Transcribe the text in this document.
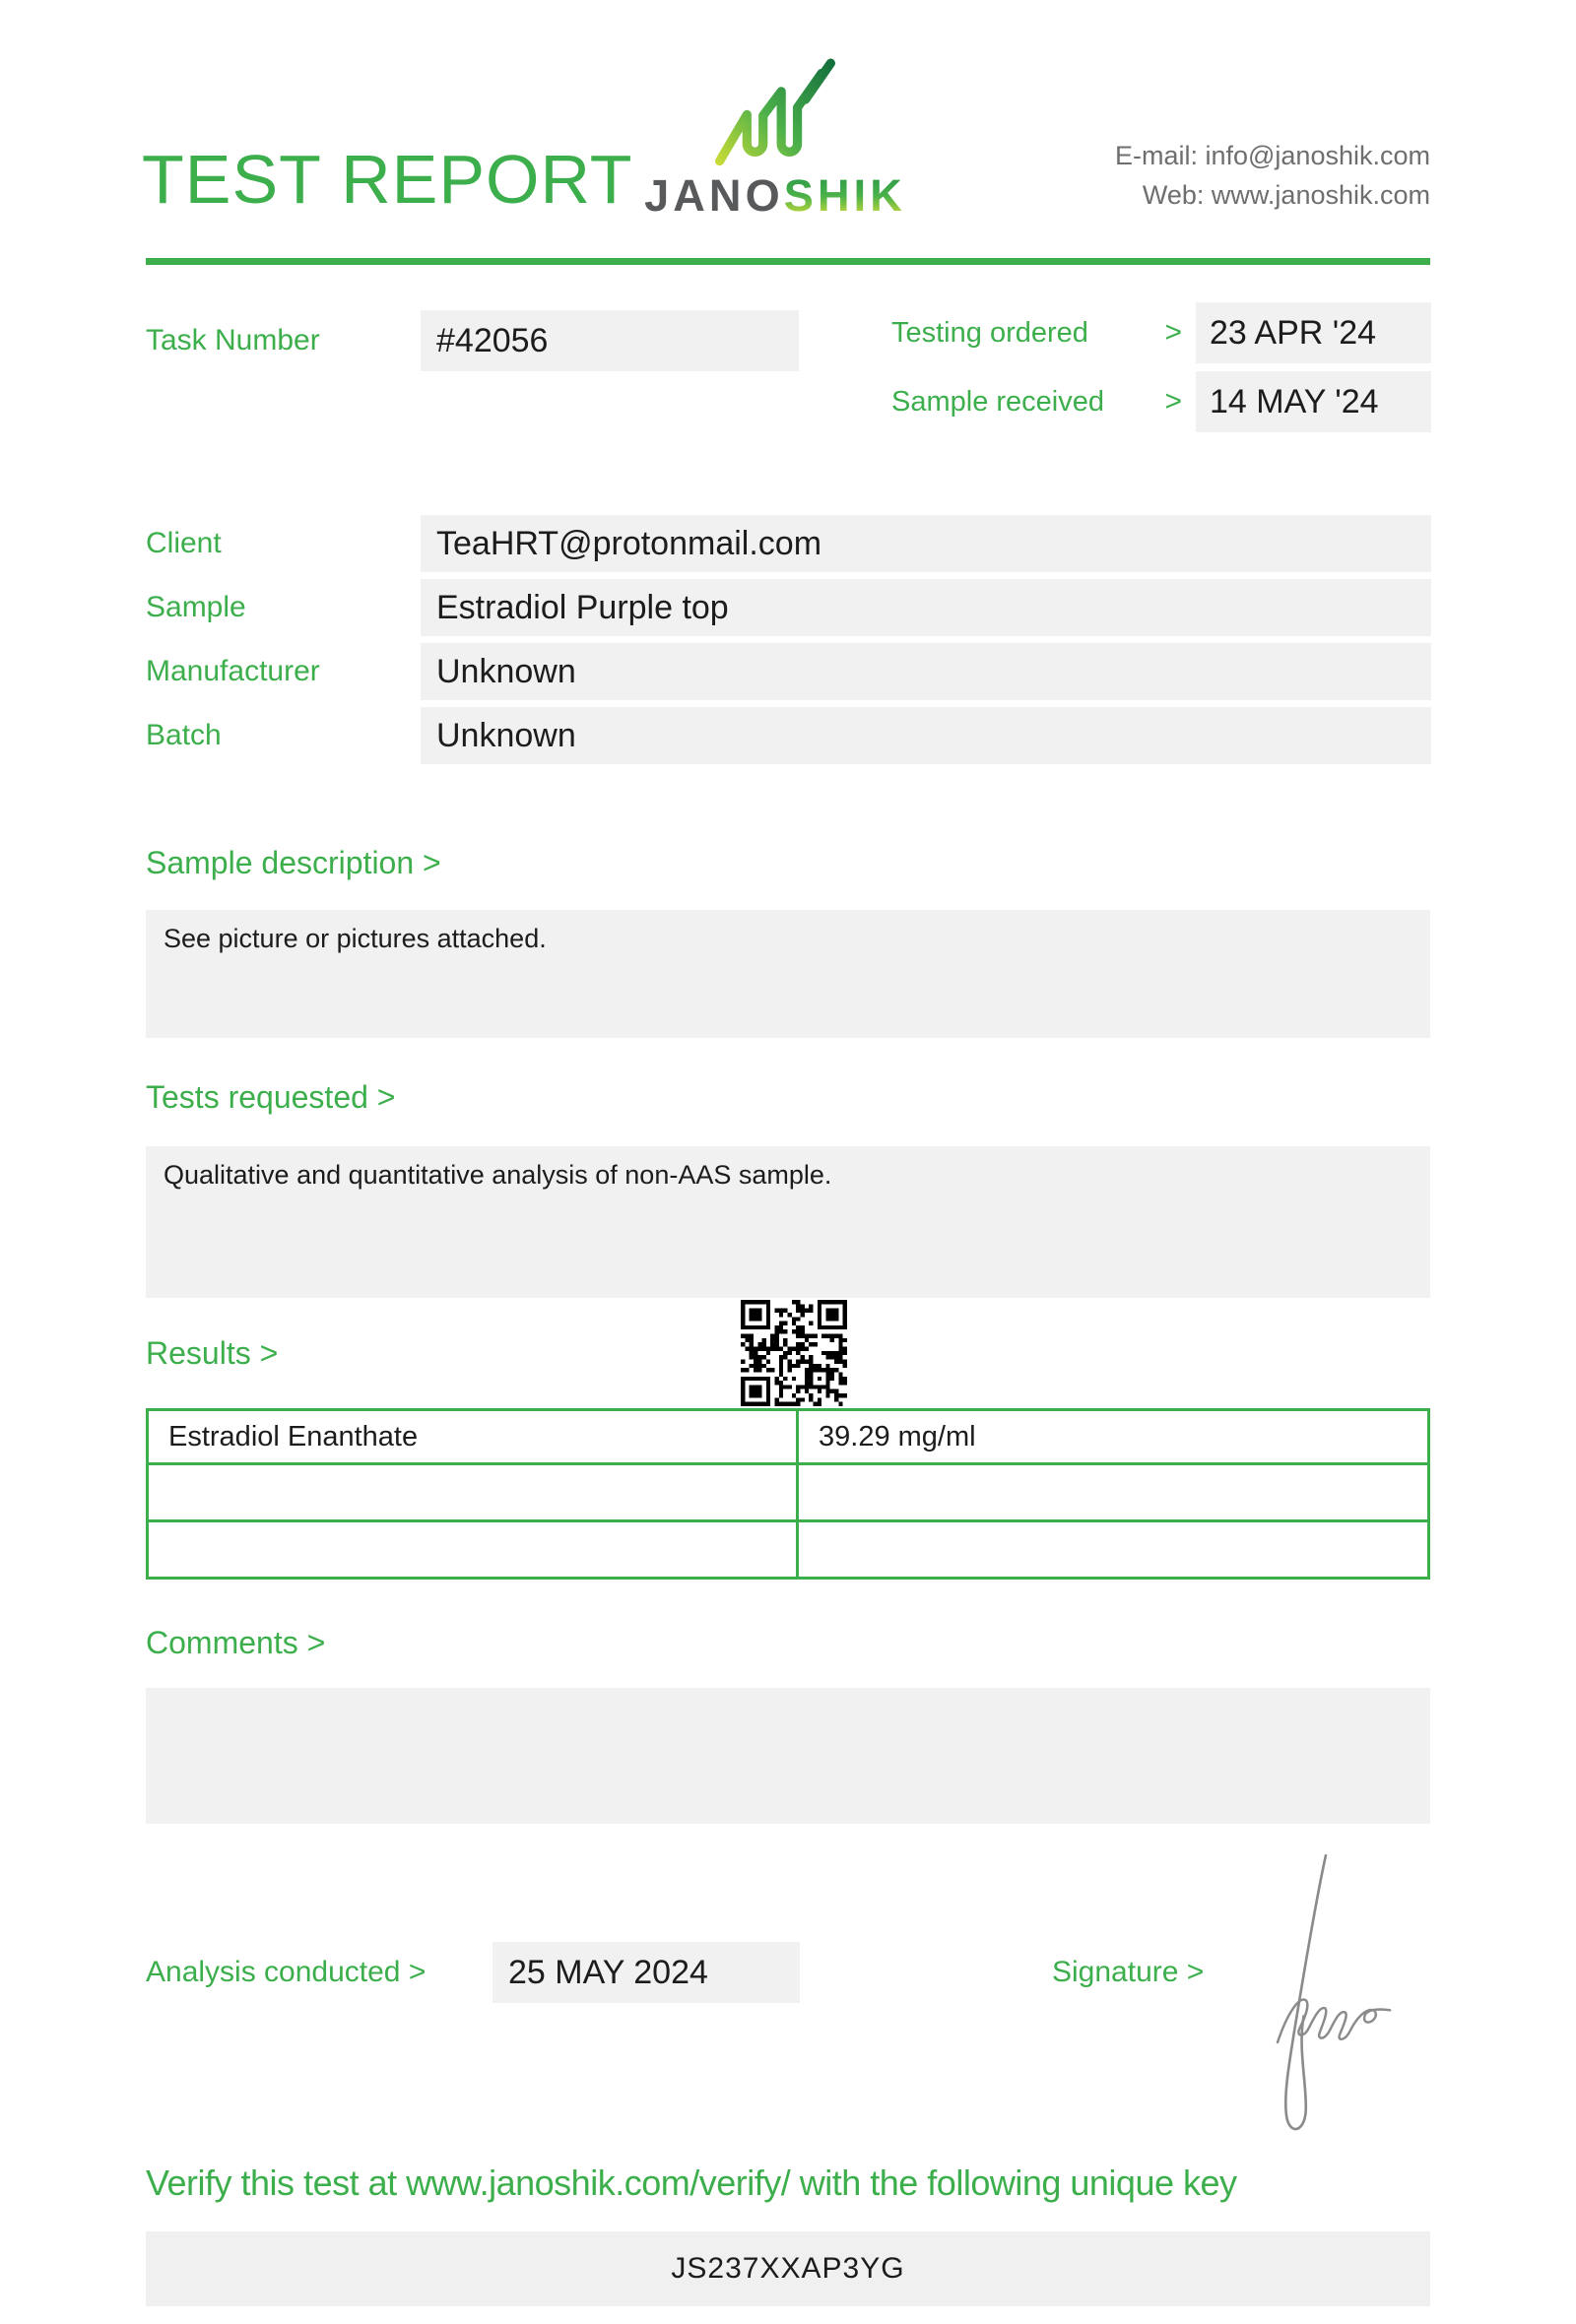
TEST REPORT JANOSHIK
E-mail: info@janoshik.com
Web: www.janoshik.com
Task Number	#42056	Testing ordered	> 23 APR '24
Sample received	> 14 MAY '24
Client	TeaHRT@protonmail.com
Sample	Estradiol Purple top
Manufacturer	Unknown
Batch	Unknown
Sample description >
See picture or pictures attached.
Tests requested >
Qualitative and quantitative analysis of non-AAS sample.
Results >
Estradiol Enanthate	39.29 mg/ml

Comments >
Analysis conducted >	25 MAY 2024	Signature >
Verify this test at www.janoshik.com/verify/ with the following unique key
JS237XXAP3YG
